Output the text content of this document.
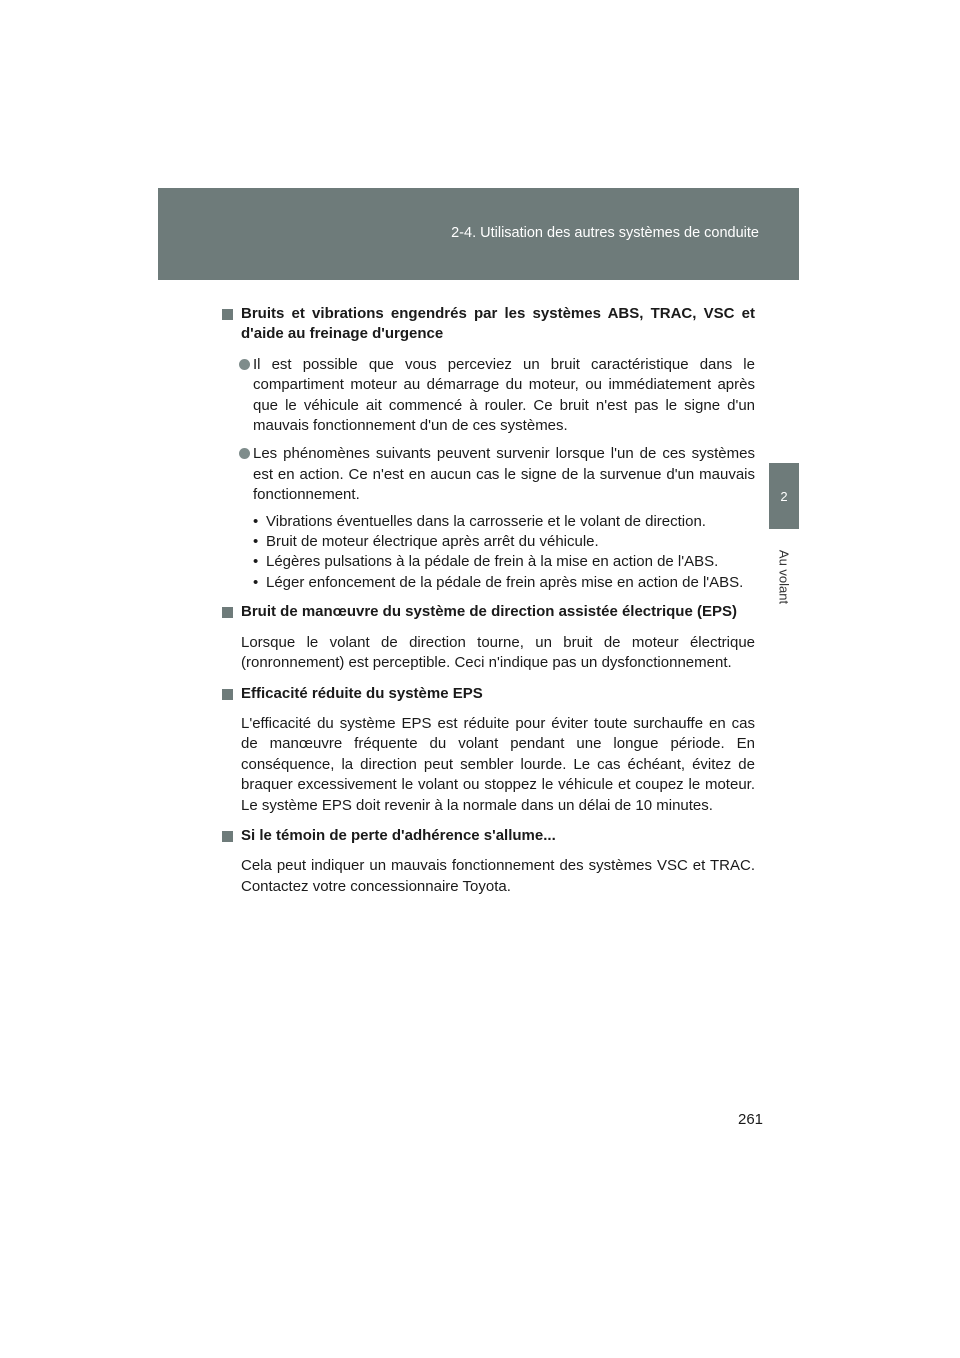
2-4. Utilisation des autres systèmes de conduite
2
Au volant
Bruits et vibrations engendrés par les systèmes ABS, TRAC, VSC et d'aide au freinage d'urgence
Il est possible que vous perceviez un bruit caractéristique dans le compartiment moteur au démarrage du moteur, ou immédiatement après que le véhicule ait commencé à rouler. Ce bruit n'est pas le signe d'un mauvais fonctionnement d'un de ces systèmes.
Les phénomènes suivants peuvent survenir lorsque l'un de ces systèmes est en action. Ce n'est en aucun cas le signe de la survenue d'un mauvais fonctionnement.
• Vibrations éventuelles dans la carrosserie et le volant de direction.
• Bruit de moteur électrique après arrêt du véhicule.
• Légères pulsations à la pédale de frein à la mise en action de l'ABS.
• Léger enfoncement de la pédale de frein après mise en action de l'ABS.
Bruit de manœuvre du système de direction assistée électrique (EPS)
Lorsque le volant de direction tourne, un bruit de moteur électrique (ronronnement) est perceptible. Ceci n'indique pas un dysfonctionnement.
Efficacité réduite du système EPS
L'efficacité du système EPS est réduite pour éviter toute surchauffe en cas de manœuvre fréquente du volant pendant une longue période. En conséquence, la direction peut sembler lourde. Le cas échéant, évitez de braquer excessivement le volant ou stoppez le véhicule et coupez le moteur. Le système EPS doit revenir à la normale dans un délai de 10 minutes.
Si le témoin de perte d'adhérence s'allume...
Cela peut indiquer un mauvais fonctionnement des systèmes VSC et TRAC. Contactez votre concessionnaire Toyota.
261
